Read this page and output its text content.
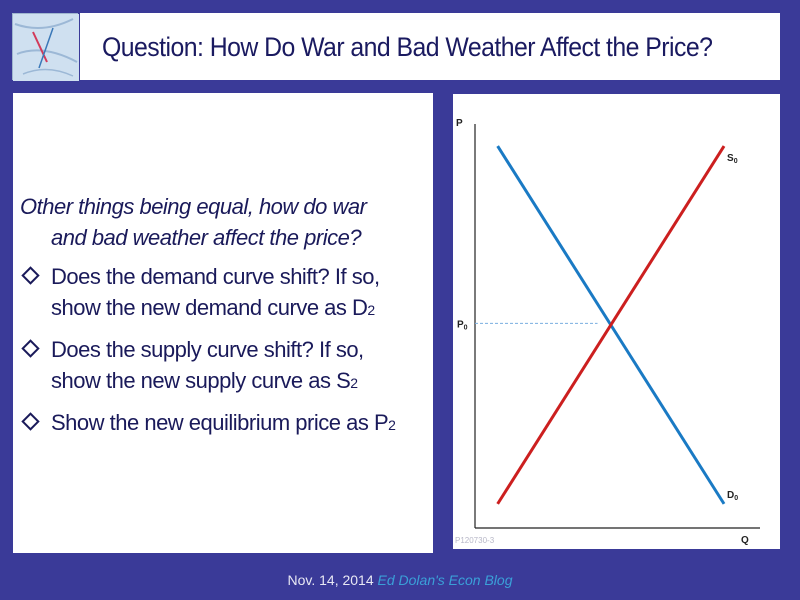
Question: How Do War and Bad Weather Affect the Price?
Other things being equal, how do war
and bad weather affect the price?
Does the demand curve shift? If so,
show the new demand curve as D2
Does the supply curve shift? If so,
show the new supply curve as S2
Show the new equilibrium price as P2
P
Q
$P_0$
$S_0$
$D_0$
P120730-3
Nov. 14, 2014 Ed Dolan's Econ Blog
